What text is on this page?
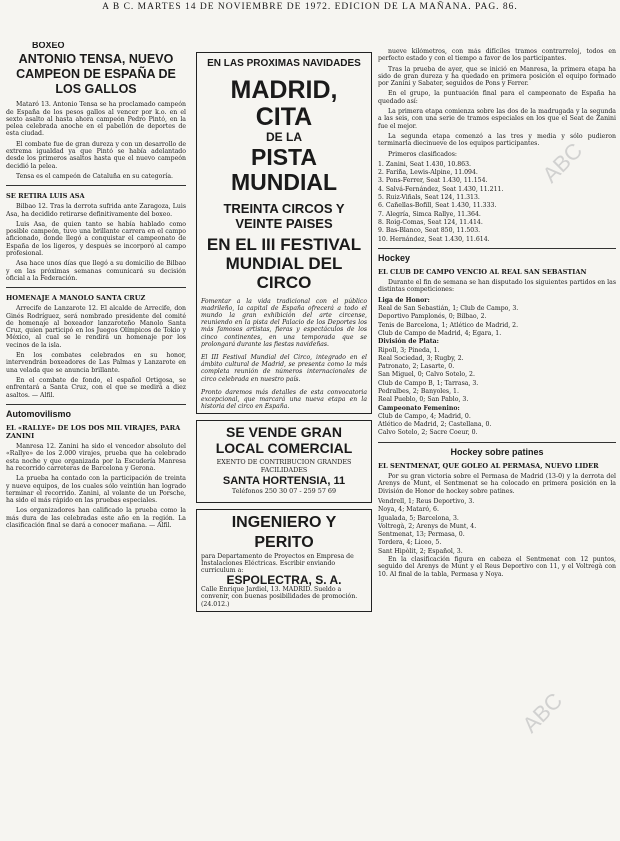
A B C. MARTES 14 DE NOVIEMBRE DE 1972. EDICION DE LA MAÑANA. PAG. 86.
BOXEO
ANTONIO TENSA, NUEVO CAMPEON DE ESPAÑA DE LOS GALLOS

Mataró 13. Antonio Tensa se ha proclamado campeón de España de los pesos gallos al vencer por k.o. en el sexto asalto al hasta ahora campeón Pedro Pintó, en la pelea celebrada anoche en el pabellón de deportes de esta ciudad.

El combate fue de gran dureza y con un desarrollo de extrema igualdad ya que Pintó se había adelantado desde los primeros asaltos hasta que el nuevo campeón decidió la pelea.

Tensa es el campeón de Cataluña en su categoría.

SE RETIRA LUIS ASA

Bilbao 12. Tras la derrota sufrida ante Zaragoza, Luis Asa, ha decidido retirarse definitivamente del boxeo.

Luis Asa, de quien tanto se había hablado como posible campeón, tuvo una brillante carrera en el campo aficionado, donde llegó a conquistar el campeonato de España de los ligeros, y después se incorporó al campo profesional.

Asa hace unos días que llegó a su domicilio de Bilbao y en las próximas semanas comunicará su decisión oficial a la Federación.

HOMENAJE A MANOLO SANTA CRUZ

Arrecife de Lanzarote 12. El alcalde de Arrecife, don Ginés Rodríguez, será nombrado presidente del comité de homenaje al boxeador lanzaroteño Manolo Santa Cruz, quien participó en los Juegos Olímpicos de Tokio y México, al cual se le rendirá un homenaje por los vecinos de la isla.

En los combates celebrados en su honor, intervendrán boxeadores de Las Palmas y Lanzarote en una velada que se anuncia brillante.

En el combate de fondo, el español Ortigosa, se enfrentará a Santa Cruz, con el que se medirá a diez asaltos. — Alfil.

Automovilismo
EL «RALLYE» DE LOS DOS MIL VIRAJES, PARA ZANINI

Manresa 12. Zanini ha sido el vencedor absoluto del «Rallye» de los 2.000 virajes, prueba que ha celebrado esta noche y que organizada por la Escudería Manresa ha recorrido carreteras de Barcelona y Gerona.

La prueba ha contado con la participación de treinta y nueve equipos, de los cuales sólo veintiún han logrado terminar el recorrido. Zanini, al volante de un Porsche, ha sido el más rápido en las pruebas especiales.

Los organizadores han calificado la prueba como la más dura de las celebradas este año en la región. La clasificación final se dará a conocer mañana. — Alfil.

EN LAS PROXIMAS NAVIDADES
MADRID, CITA
DE LA
PISTA MUNDIAL
TREINTA CIRCOS Y VEINTE PAISES
EN EL III FESTIVAL MUNDIAL DEL CIRCO
Fomentar a la vida tradicional con el público madrileño, la capital de España ofrecerá a todo el mundo la gran exhibición del arte circense, reuniendo en la pista del Palacio de los Deportes los más famosos artistas, fieras y espectáculos de los cinco continentes, en una temporada que se prolongará durante las fiestas navideñas.
El III Festival Mundial del Circo, integrado en el ámbito cultural de Madrid, se presenta como la más completa reunión de números internacionales de circo celebrada en nuestro país.
Pronto daremos más detalles de esta convocatoria excepcional, que marcará una nueva etapa en la historia del circo en España.
SE VENDE GRAN LOCAL COMERCIAL
EXENTO DE CONTRIBUCION GRANDES FACILIDADES
SANTA HORTENSIA, 11
Teléfonos 250 30 07 - 259 57 69
INGENIERO Y PERITO
para Departamento de Proyectos en Empresa de Instalaciones Eléctricas. Escribir enviando curriculum a:
ESPOLECTRA, S. A.
Calle Enrique Jardiel, 13. MADRID. Sueldo a convenir, con buenas posibilidades de promoción. (24.012.)

nueve kilómetros, con más difíciles tramos contrarreloj, todos en perfecto estado y con el tiempo a favor de los participantes.

Tras la prueba de ayer, que se inició en Manresa, la primera etapa ha sido de gran dureza y ha quedado en primera posición el equipo formado por Zanini y Sabater, seguidos de Pons y Ferrer.

En el grupo, la puntuación final para el campeonato de España ha quedado así:

La primera etapa comienza sobre las dos de la madrugada y la segunda a las seis, con una serie de tramos especiales en los que el Seat de Zanini fue el mejor.

La segunda etapa comenzó a las tres y media y sólo pudieron terminarla diecinueve de los equipos participantes.

Primeros clasificados:

1. Zanini, Seat 1.430, 10.863.
2. Fariña, Lewis-Alpine, 11.094.
3. Pons-Ferrer, Seat 1.430, 11.154.
4. Salvá-Fernández, Seat 1.430, 11.211.
5. Ruiz-Viñals, Seat 124, 11.313.
6. Cañellas-Bofill, Seat 1.430, 11.333.
7. Alegría, Simca Rallye, 11.364.
8. Roig-Comas, Seat 124, 11.414.
9. Bas-Blanco, Seat 850, 11.503.
10. Hernández, Seat 1.430, 11.614.
Hockey
EL CLUB DE CAMPO VENCIO AL REAL SAN SEBASTIAN

Durante el fin de semana se han disputado los siguientes partidos en las distintas competiciones:

Liga de Honor:
Real de San Sebastián, 1; Club de Campo, 3.
Deportivo Pamplonés, 0; Bilbao, 2.
Tenis de Barcelona, 1; Atlético de Madrid, 2.
Club de Campo de Madrid, 4; Egara, 1.
División de Plata:
Ripoll, 3; Pineda, 1.
Real Sociedad, 3; Rugby, 2.
Patronato, 2; Lasarte, 0.
San Miguel, 0; Calvo Sotelo, 2.
Club de Campo B, 1; Tarrasa, 3.
Pedralbes, 2; Banyoles, 1.
Real Pueblo, 0; San Pablo, 3.
Campeonato Femenino:
Club de Campo, 4; Madrid, 0.
Atlético de Madrid, 2; Castellana, 0.
Calvo Sotelo, 2; Sacre Coeur, 0.
Hockey sobre patines
EL SENTMENAT, QUE GOLEO AL PERMASA, NUEVO LIDER

Por su gran victoria sobre el Permasa de Madrid (13-0) y la derrota del Arenys de Munt, el Sentmenat se ha colocado en primera posición en la División de Honor de hockey sobre patines.

Vendrell, 1; Reus Deportivo, 3.
Noya, 4; Mataró, 6.
Igualada, 5; Barcelona, 3.
Voltregà, 2; Arenys de Munt, 4.
Sentmenat, 13; Permasa, 0.
Tordera, 4; Liceo, 5.
Sant Hipòlit, 2; Español, 3.

En la clasificación figura en cabeza el Sentmenat con 12 puntos, seguido del Arenys de Munt y el Reus Deportivo con 11, y el Voltregà con 10. Al final de la tabla, Permasa y Noya.

ABC
ABC
